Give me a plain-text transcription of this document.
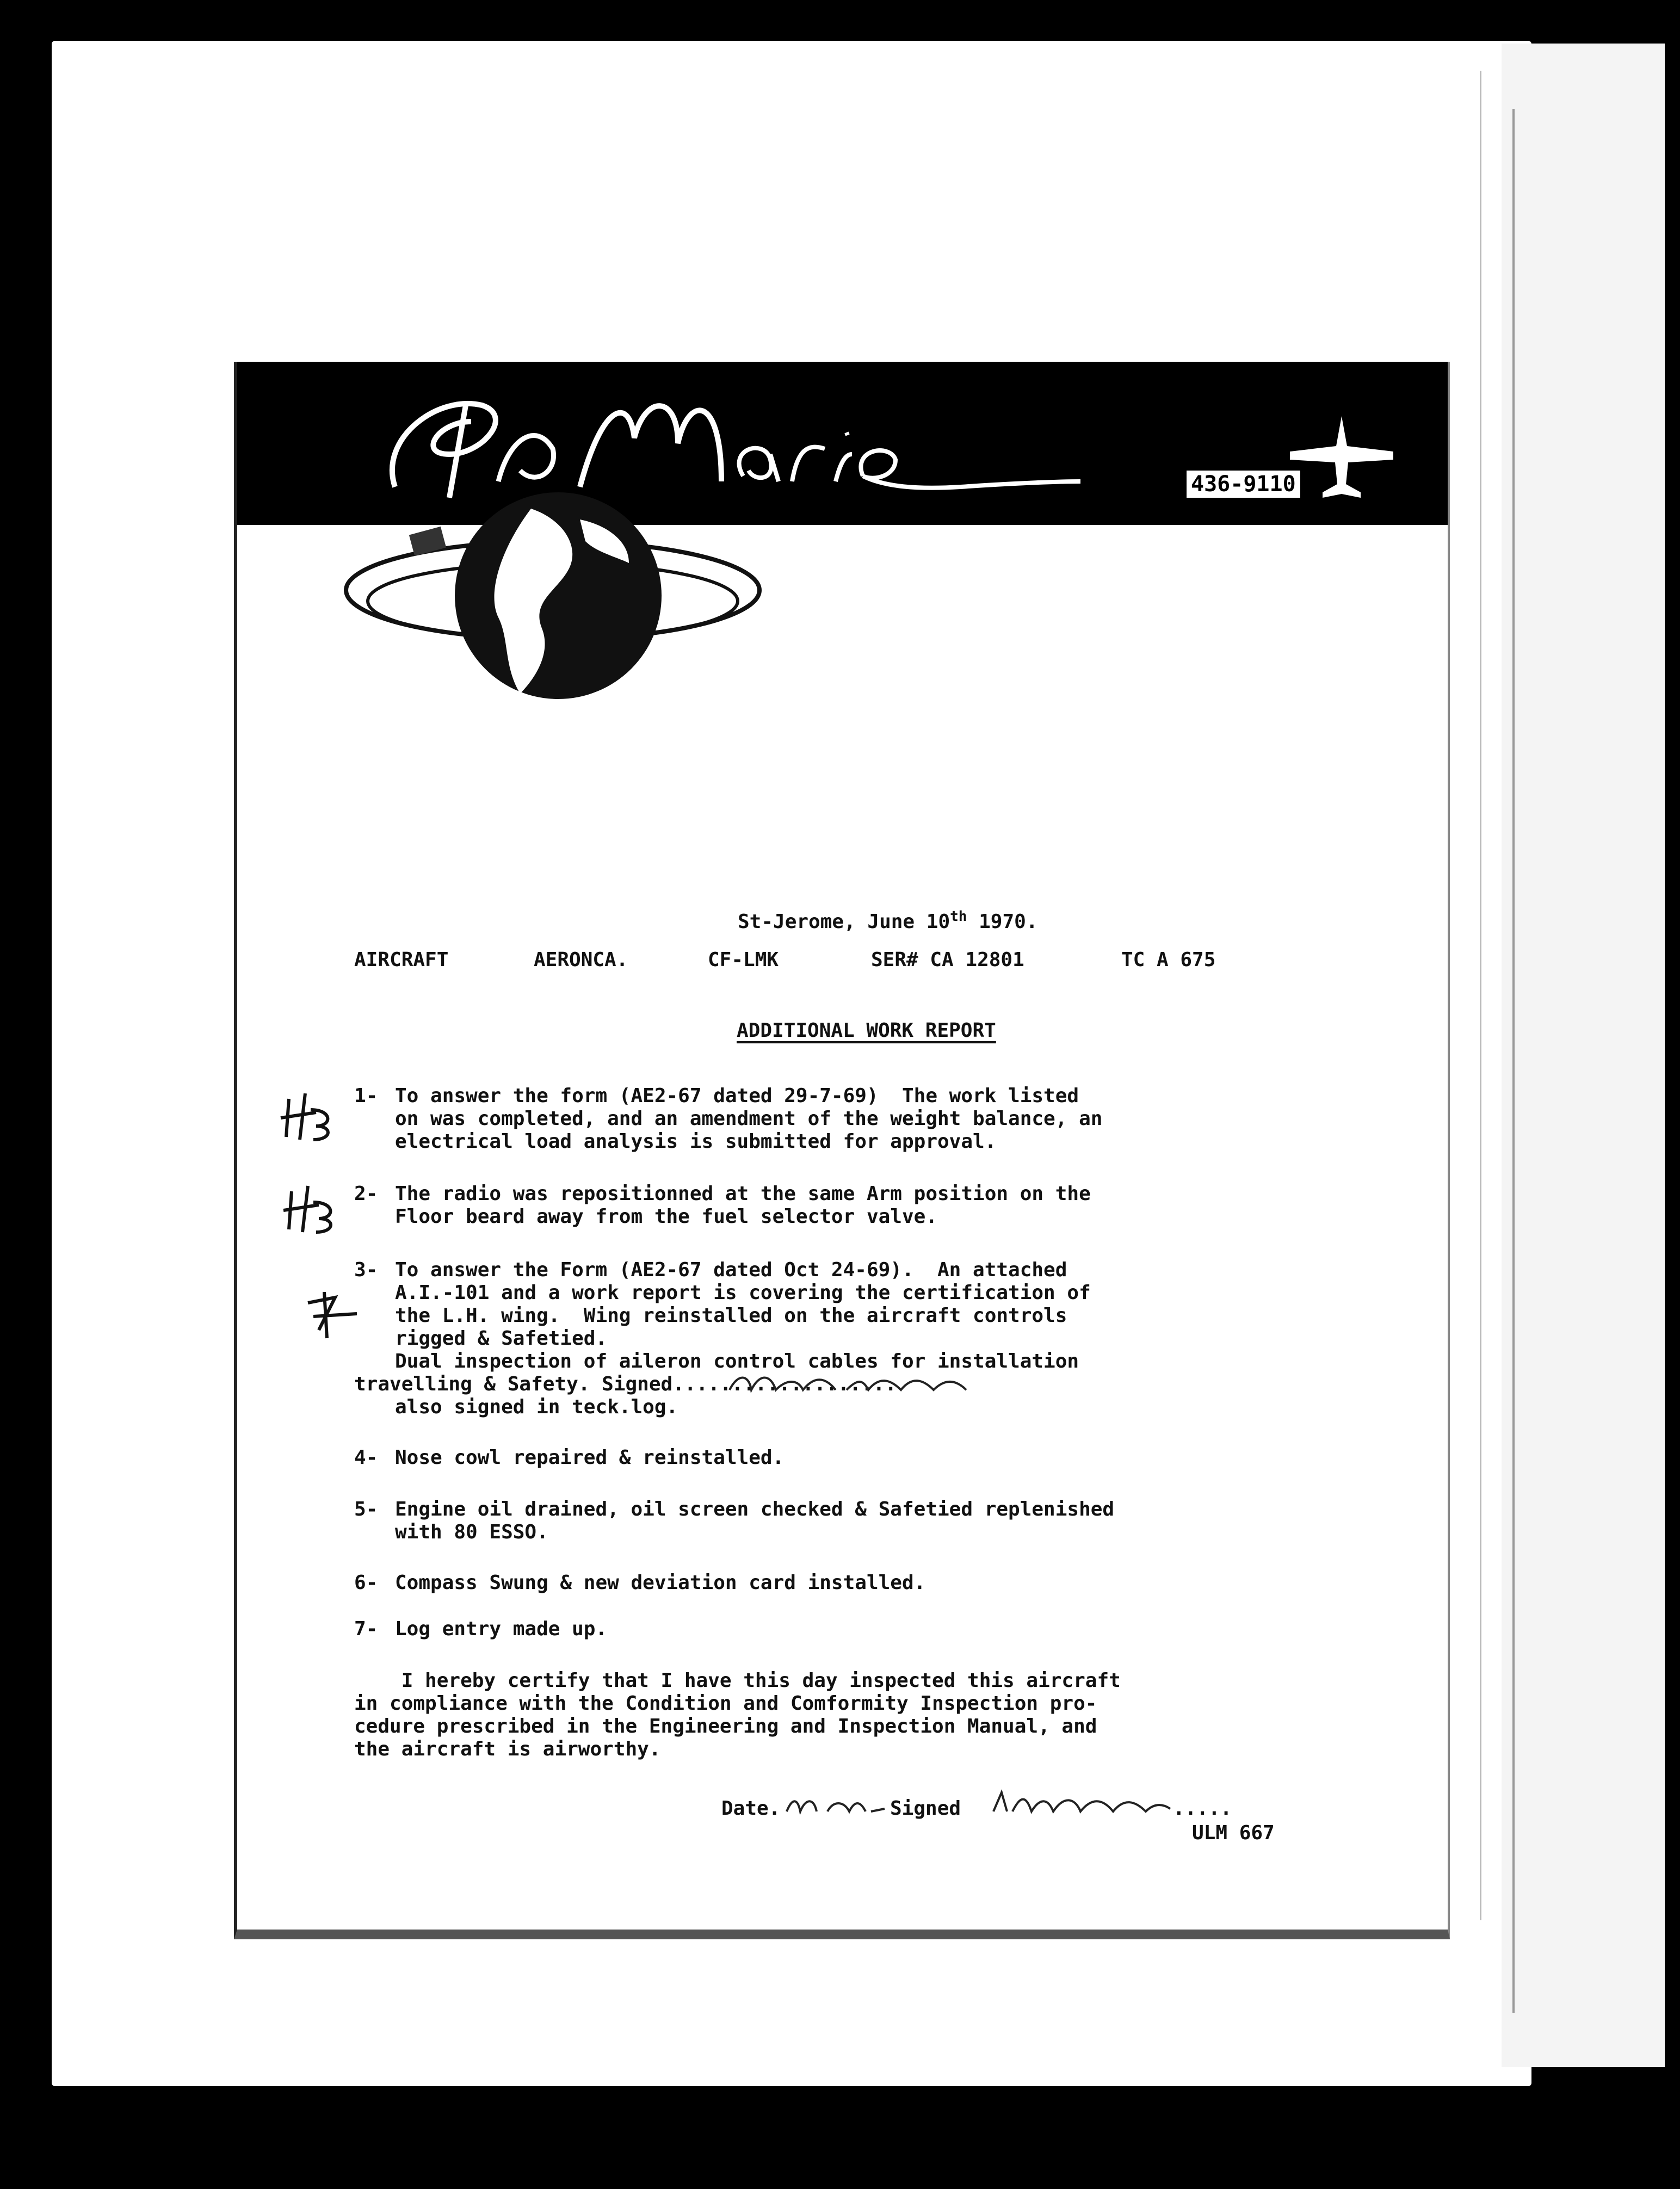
436-9110
St-Jerome, June 10th 1970.
AIRCRAFT	AERONCA.	CF-LMK	SER# CA 12801	TC A 675
ADDITIONAL WORK REPORT
1- To answer the form (AE2-67 dated 29-7-69)  The work listed
on was completed, and an amendment of the weight balance, an
electrical load analysis is submitted for approval.
2- The radio was repositionned at the same Arm position on the
Floor beard away from the fuel selector valve.
3- To answer the Form (AE2-67 dated Oct 24-69).  An attached
A.I.-101 and a work report is covering the certification of
the L.H. wing.  Wing reinstalled on the aircraft controls
rigged & Safetied.
Dual inspection of aileron control cables for installation
travelling & Safety. Signed...................
also signed in teck.log.
4- Nose cowl repaired & reinstalled.
5- Engine oil drained, oil screen checked & Safetied replenished
with 80 ESSO.
6- Compass Swung & new deviation card installed.
7- Log entry made up.
I hereby certify that I have this day inspected this aircraft
in compliance with the Condition and Comformity Inspection pro-
cedure prescribed in the Engineering and Inspection Manual, and
the aircraft is airworthy.
Date.	Signed	.....
ULM 667
